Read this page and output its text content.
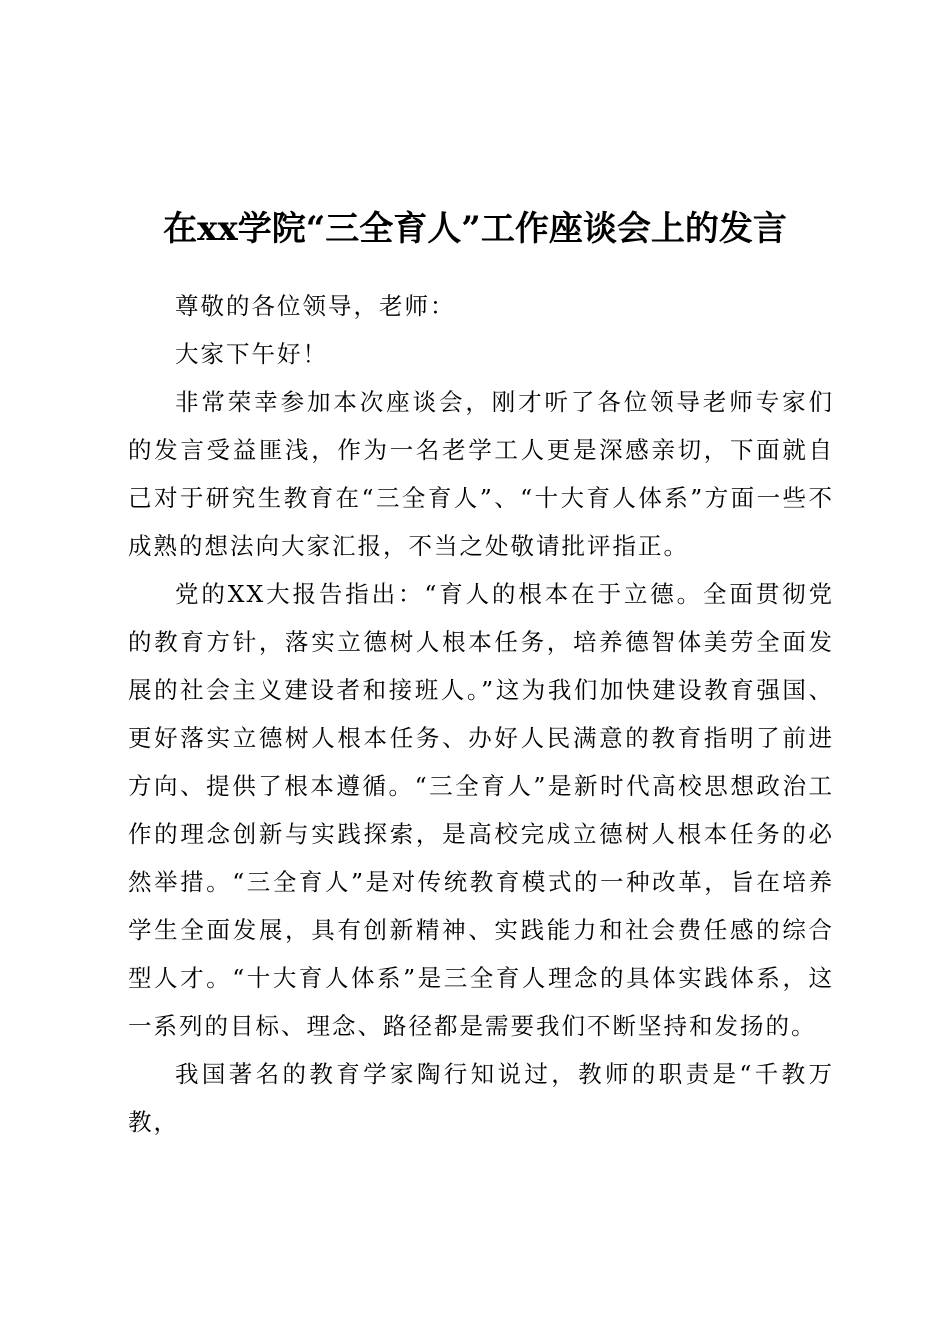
在xx学院“三全育人”工作座谈会上的发言

尊敬的各位领导，老师：

大家下午好！

非常荣幸参加本次座谈会，刚才听了各位领导老师专家们的发言受益匪浅，作为一名老学工人更是深感亲切，下面就自己对于研究生教育在“三全育人”、“十大育人体系”方面一些不成熟的想法向大家汇报，不当之处敬请批评指正。

党的XX大报告指出：“育人的根本在于立德。全面贯彻党的教育方针，落实立德树人根本任务，培养德智体美劳全面发展的社会主义建设者和接班人。”这为我们加快建设教育强国、更好落实立德树人根本任务、办好人民满意的教育指明了前进方向、提供了根本遵循。“三全育人”是新时代高校思想政治工作的理念创新与实践探索，是高校完成立德树人根本任务的必然举措。“三全育人”是对传统教育模式的一种改革，旨在培养学生全面发展，具有创新精神、实践能力和社会费任感的综合型人才。“十大育人体系”是三全育人理念的具体实践体系，这一系列的目标、理念、路径都是需要我们不断坚持和发扬的。

我国著名的教育学家陶行知说过，教师的职责是“千教万教，
